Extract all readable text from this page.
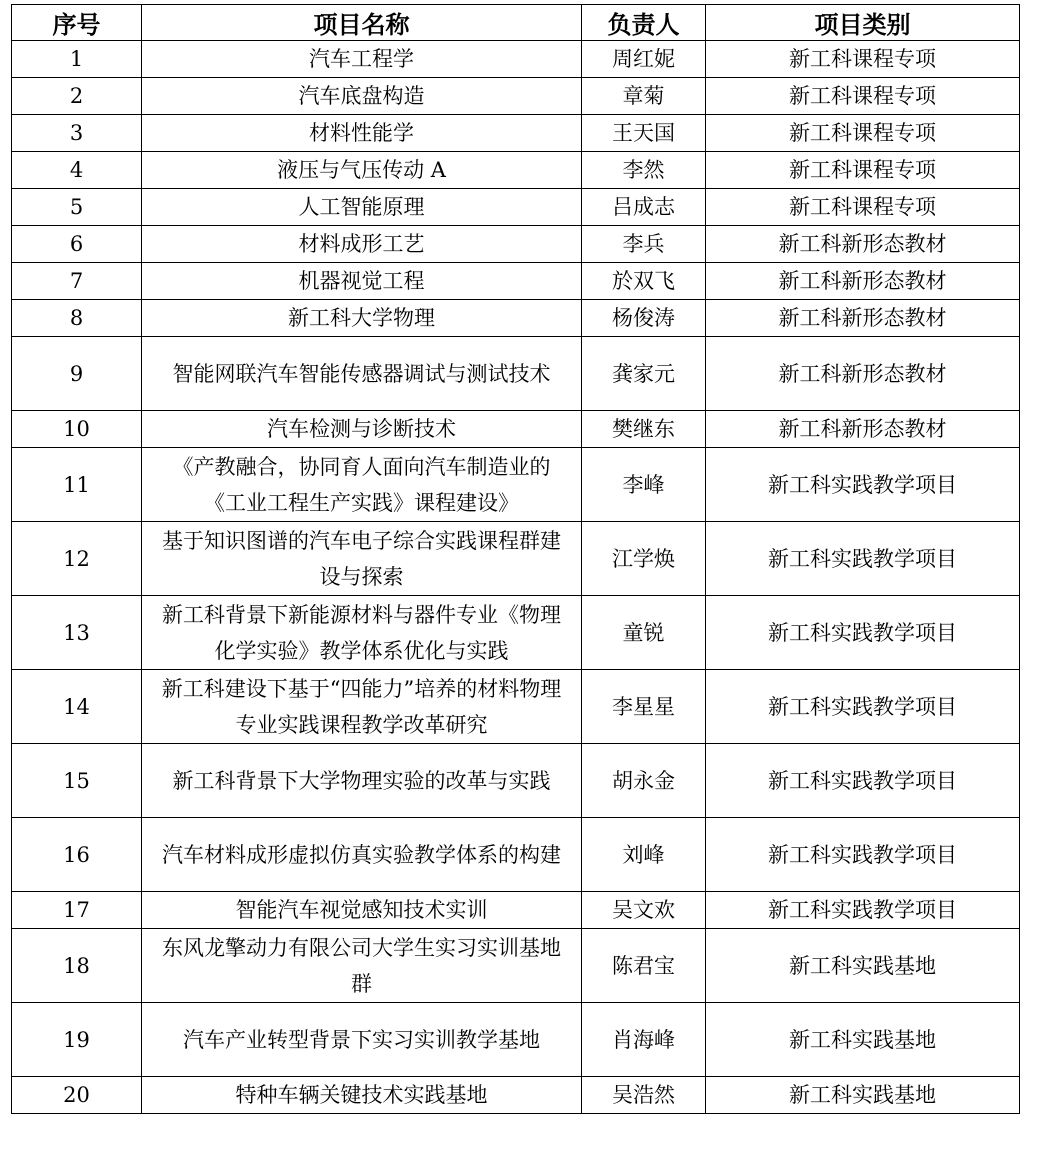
序号	项目名称	负责人	项目类别
1	汽车工程学	周红妮	新工科课程专项
2	汽车底盘构造	章菊	新工科课程专项
3	材料性能学	王天国	新工科课程专项
4	液压与气压传动 A	李然	新工科课程专项
5	人工智能原理	吕成志	新工科课程专项
6	材料成形工艺	李兵	新工科新形态教材
7	机器视觉工程	於双飞	新工科新形态教材
8	新工科大学物理	杨俊涛	新工科新形态教材
9	智能网联汽车智能传感器调试与测试技术	龚家元	新工科新形态教材
10	汽车检测与诊断技术	樊继东	新工科新形态教材
11	《产教融合，协同育人面向汽车制造业的《工业工程生产实践》课程建设》	李峰	新工科实践教学项目
12	基于知识图谱的汽车电子综合实践课程群建设与探索	江学焕	新工科实践教学项目
13	新工科背景下新能源材料与器件专业《物理化学实验》教学体系优化与实践	童锐	新工科实践教学项目
14	新工科建设下基于“四能力”培养的材料物理专业实践课程教学改革研究	李星星	新工科实践教学项目
15	新工科背景下大学物理实验的改革与实践	胡永金	新工科实践教学项目
16	汽车材料成形虚拟仿真实验教学体系的构建	刘峰	新工科实践教学项目
17	智能汽车视觉感知技术实训	吴文欢	新工科实践教学项目
18	东风龙擎动力有限公司大学生实习实训基地群	陈君宝	新工科实践基地
19	汽车产业转型背景下实习实训教学基地	肖海峰	新工科实践基地
20	特种车辆关键技术实践基地	吴浩然	新工科实践基地
